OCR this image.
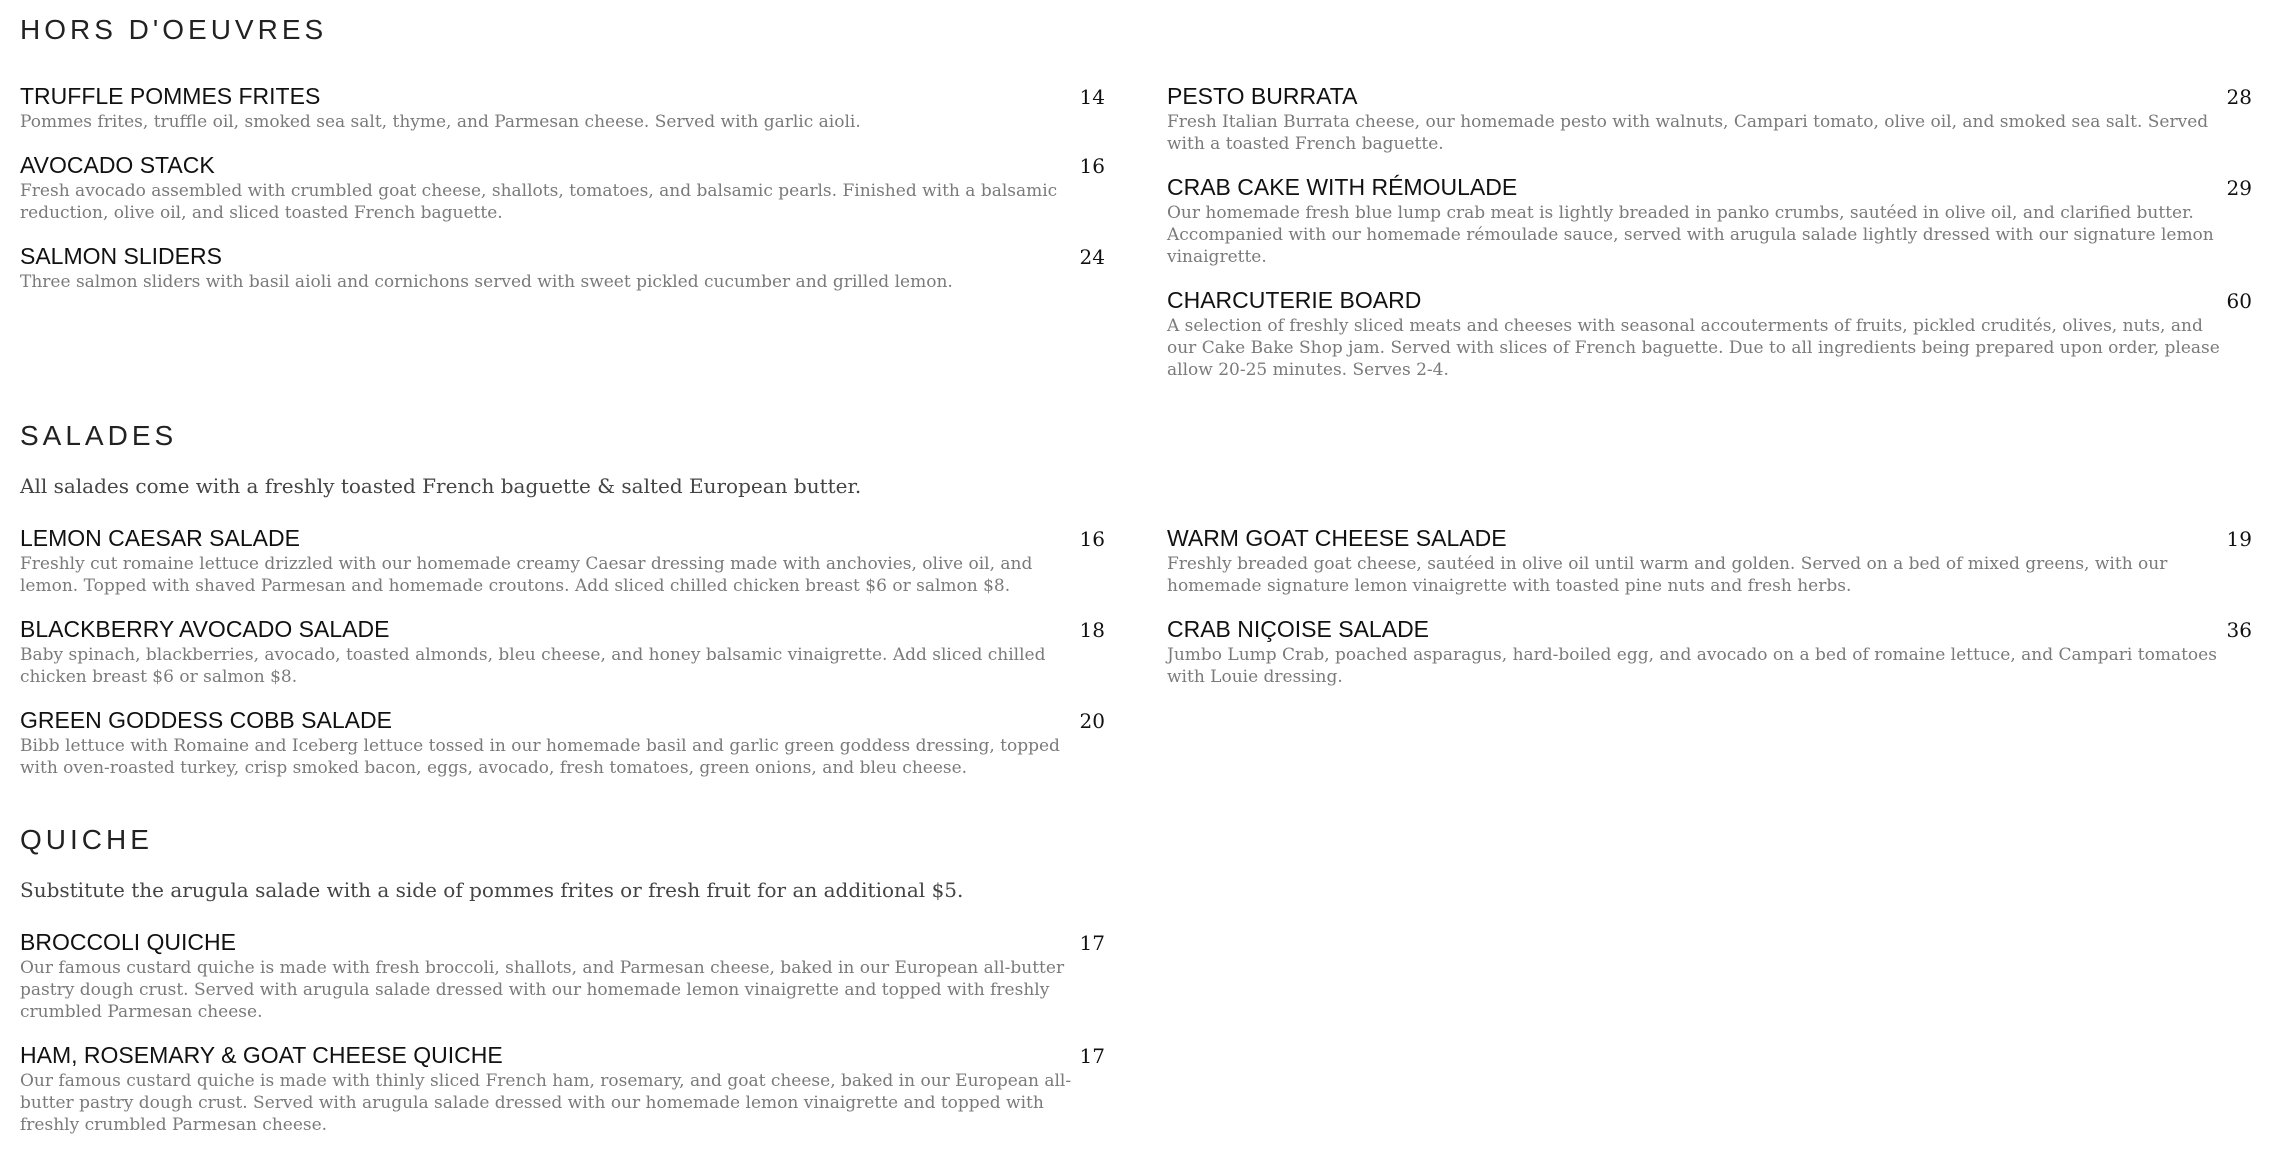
HORS D'OEUVRES
TRUFFLE POMMES FRITES	14
Pommes frites, truffle oil, smoked sea salt, thyme, and Parmesan cheese. Served with garlic aioli.
AVOCADO STACK	16
Fresh avocado assembled with crumbled goat cheese, shallots, tomatoes, and balsamic pearls. Finished with a balsamic reduction, olive oil, and sliced toasted French baguette.
SALMON SLIDERS	24
Three salmon sliders with basil aioli and cornichons served with sweet pickled cucumber and grilled lemon.
PESTO BURRATA	28
Fresh Italian Burrata cheese, our homemade pesto with walnuts, Campari tomato, olive oil, and smoked sea salt. Served with a toasted French baguette.
CRAB CAKE WITH RÉMOULADE	29
Our homemade fresh blue lump crab meat is lightly breaded in panko crumbs, sautéed in olive oil, and clarified butter. Accompanied with our homemade rémoulade sauce, served with arugula salade lightly dressed with our signature lemon vinaigrette.
CHARCUTERIE BOARD	60
A selection of freshly sliced meats and cheeses with seasonal accouterments of fruits, pickled crudités, olives, nuts, and our Cake Bake Shop jam. Served with slices of French baguette. Due to all ingredients being prepared upon order, please allow 20-25 minutes. Serves 2-4.
SALADES
All salades come with a freshly toasted French baguette & salted European butter.
LEMON CAESAR SALADE	16
Freshly cut romaine lettuce drizzled with our homemade creamy Caesar dressing made with anchovies, olive oil, and lemon. Topped with shaved Parmesan and homemade croutons. Add sliced chilled chicken breast $6 or salmon $8.
BLACKBERRY AVOCADO SALADE	18
Baby spinach, blackberries, avocado, toasted almonds, bleu cheese, and honey balsamic vinaigrette. Add sliced chilled chicken breast $6 or salmon $8.
GREEN GODDESS COBB SALADE	20
Bibb lettuce with Romaine and Iceberg lettuce tossed in our homemade basil and garlic green goddess dressing, topped with oven-roasted turkey, crisp smoked bacon, eggs, avocado, fresh tomatoes, green onions, and bleu cheese.
WARM GOAT CHEESE SALADE	19
Freshly breaded goat cheese, sautéed in olive oil until warm and golden. Served on a bed of mixed greens, with our homemade signature lemon vinaigrette with toasted pine nuts and fresh herbs.
CRAB NIÇOISE SALADE	36
Jumbo Lump Crab, poached asparagus, hard-boiled egg, and avocado on a bed of romaine lettuce, and Campari tomatoes with Louie dressing.
QUICHE
Substitute the arugula salade with a side of pommes frites or fresh fruit for an additional $5.
BROCCOLI QUICHE	17
Our famous custard quiche is made with fresh broccoli, shallots, and Parmesan cheese, baked in our European all-butter pastry dough crust. Served with arugula salade dressed with our homemade lemon vinaigrette and topped with freshly crumbled Parmesan cheese.
HAM, ROSEMARY & GOAT CHEESE QUICHE	17
Our famous custard quiche is made with thinly sliced French ham, rosemary, and goat cheese, baked in our European all-butter pastry dough crust. Served with arugula salade dressed with our homemade lemon vinaigrette and topped with freshly crumbled Parmesan cheese.
